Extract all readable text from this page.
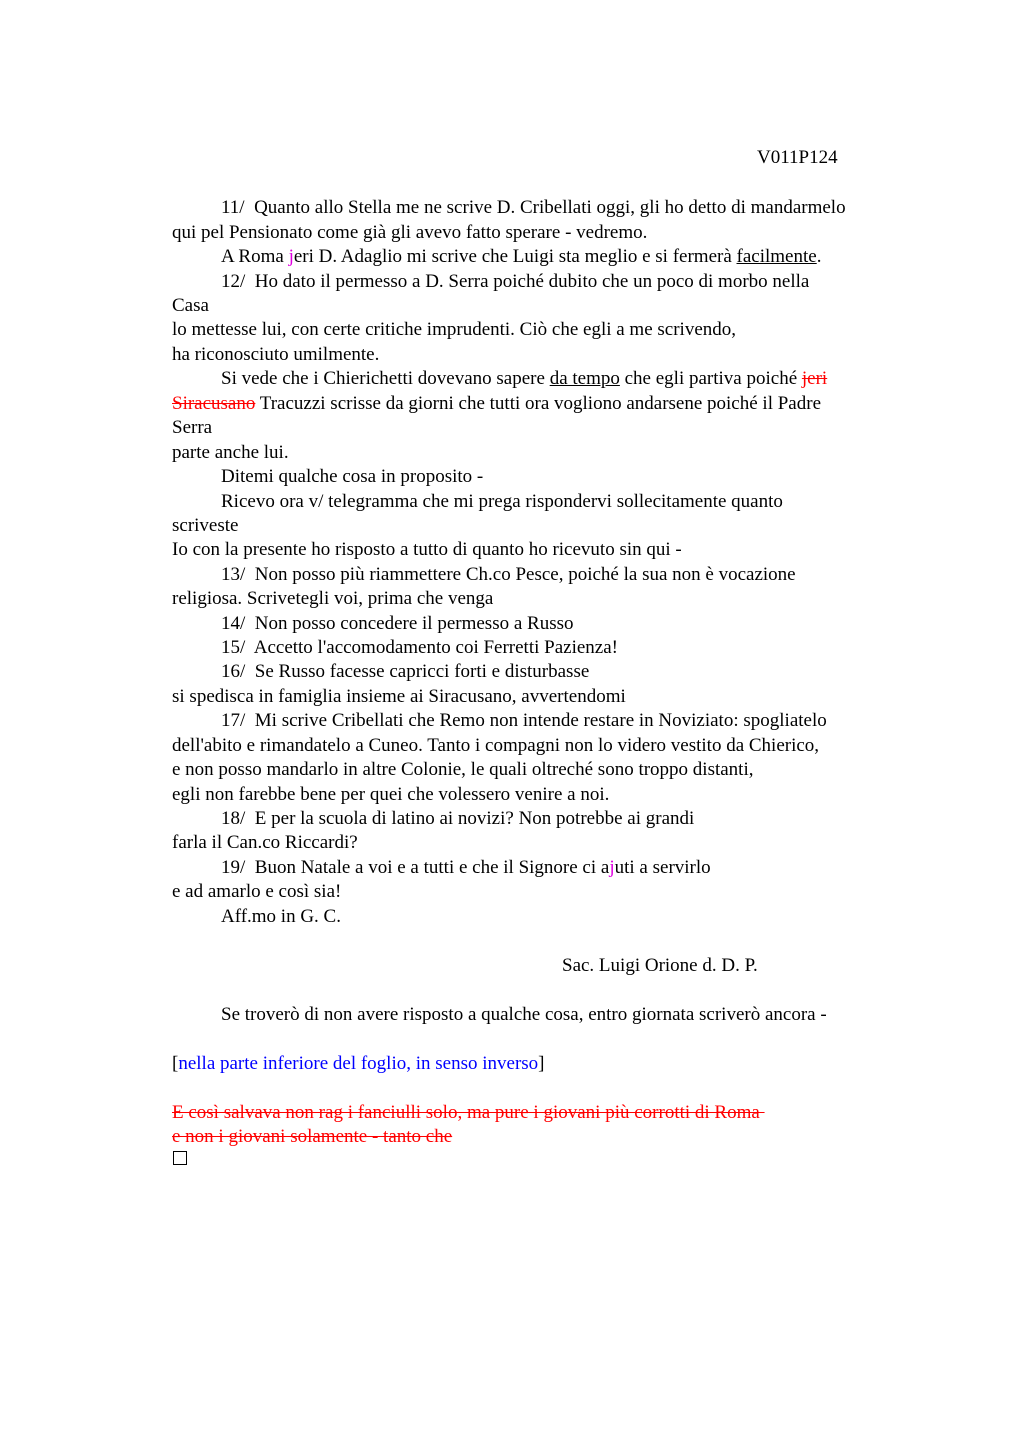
V011P124
11/  Quanto allo Stella me ne scrive D. Cribellati oggi, gli ho detto di mandarmelo
qui pel Pensionato come già gli avevo fatto sperare - vedremo.
A Roma jeri D. Adaglio mi scrive che Luigi sta meglio e si fermerà facilmente.
12/  Ho dato il permesso a D. Serra poiché dubito che un poco di morbo nella
Casa
lo mettesse lui, con certe critiche imprudenti. Ciò che egli a me scrivendo,
ha riconosciuto umilmente.
Si vede che i Chierichetti dovevano sapere da tempo che egli partiva poiché jeri
Siracusano Tracuzzi scrisse da giorni che tutti ora vogliono andarsene poiché il Padre
Serra
parte anche lui.
Ditemi qualche cosa in proposito -
Ricevo ora v/ telegramma che mi prega rispondervi sollecitamente quanto
scriveste
Io con la presente ho risposto a tutto di quanto ho ricevuto sin qui -
13/  Non posso più riammettere Ch.co Pesce, poiché la sua non è vocazione
religiosa. Scrivetegli voi, prima che venga
14/  Non posso concedere il permesso a Russo
15/  Accetto l'accomodamento coi Ferretti Pazienza!
16/  Se Russo facesse capricci forti e disturbasse
si spedisca in famiglia insieme ai Siracusano, avvertendomi
17/  Mi scrive Cribellati che Remo non intende restare in Noviziato: spogliatelo
dell'abito e rimandatelo a Cuneo. Tanto i compagni non lo videro vestito da Chierico,
e non posso mandarlo in altre Colonie, le quali oltreché sono troppo distanti,
egli non farebbe bene per quei che volessero venire a noi.
18/  E per la scuola di latino ai novizi? Non potrebbe ai grandi
farla il Can.co Riccardi?
19/  Buon Natale a voi e a tutti e che il Signore ci ajuti a servirlo
e ad amarlo e così sia!
Aff.mo in G. C.
Sac. Luigi Orione d. D. P.
Se troverò di non avere risposto a qualche cosa, entro giornata scriverò ancora -
[nella parte inferiore del foglio, in senso inverso]
E così salvava non rag i fanciulli solo, ma pure i giovani più corrotti di Roma
e non i giovani solamente - tanto che
